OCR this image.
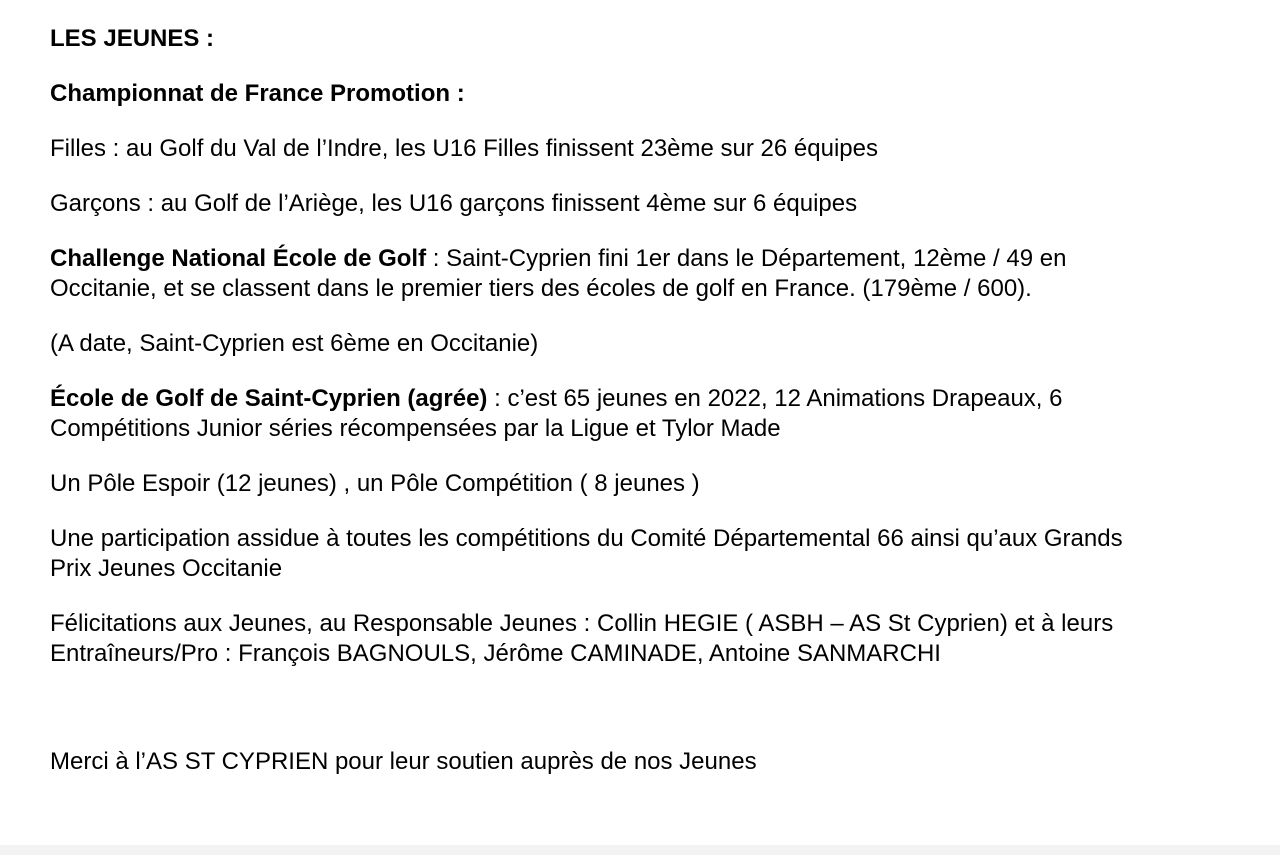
LES JEUNES :
Championnat de France Promotion :
Filles : au Golf du Val de l’Indre, les U16 Filles finissent 23ème sur 26 équipes
Garçons : au Golf de l’Ariège, les U16 garçons finissent 4ème sur 6 équipes
Challenge National École de Golf : Saint-Cyprien fini 1er dans le Département, 12ème / 49 en
Occitanie, et se classent dans le premier tiers des écoles de golf en France. (179ème / 600).
(A date, Saint-Cyprien est 6ème en Occitanie)
École de Golf de Saint-Cyprien (agrée) : c’est 65 jeunes en 2022, 12 Animations Drapeaux, 6
Compétitions Junior séries récompensées par la Ligue et Tylor Made
Un Pôle Espoir (12 jeunes) , un Pôle Compétition ( 8 jeunes )
Une participation assidue à toutes les compétitions du Comité Départemental 66 ainsi qu’aux Grands
Prix Jeunes Occitanie
Félicitations aux Jeunes, au Responsable Jeunes : Collin HEGIE ( ASBH – AS St Cyprien) et à leurs
Entraîneurs/Pro : François BAGNOULS, Jérôme CAMINADE, Antoine SANMARCHI
Merci à l’AS ST CYPRIEN pour leur soutien auprès de nos Jeunes
